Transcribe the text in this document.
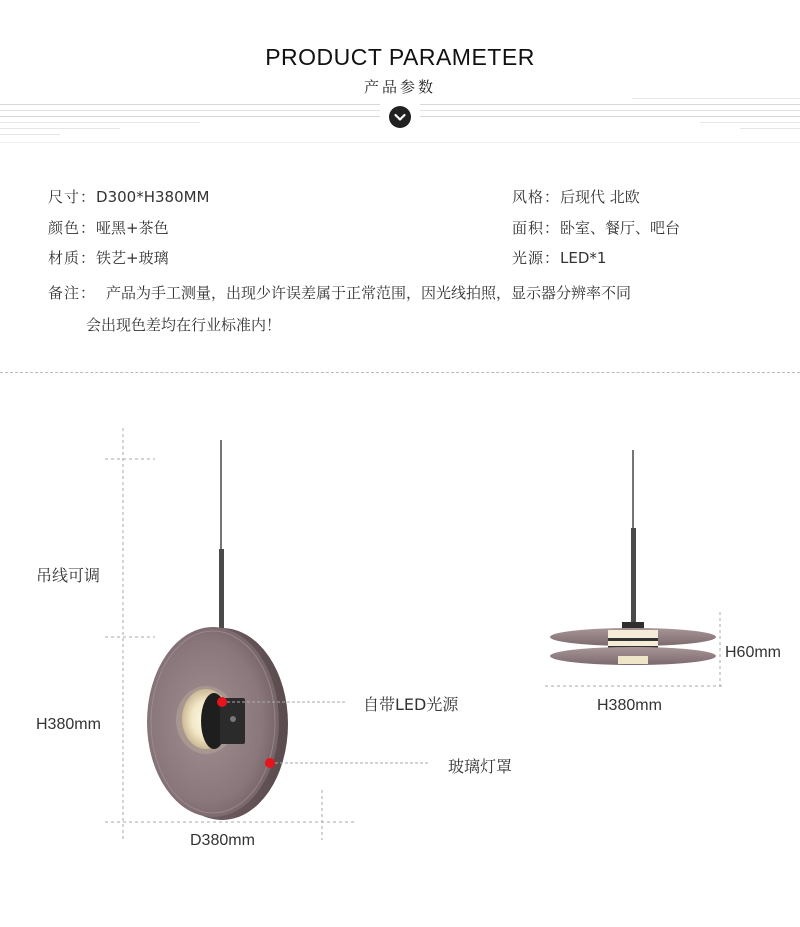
PRODUCT PARAMETER
产品参数
尺寸：D300*H380MM
颜色：哑黑+茶色
材质：铁艺+玻璃
风格：后现代 北欧
面积：卧室、餐厅、吧台
光源：LED*1
备注： 产品为手工测量，出现少许误差属于正常范围，因光线拍照，显示器分辨率不同
会出现色差均在行业标准内！
吊线可调
H380mm
D380mm
自带LED光源
玻璃灯罩
H60mm
H380mm
